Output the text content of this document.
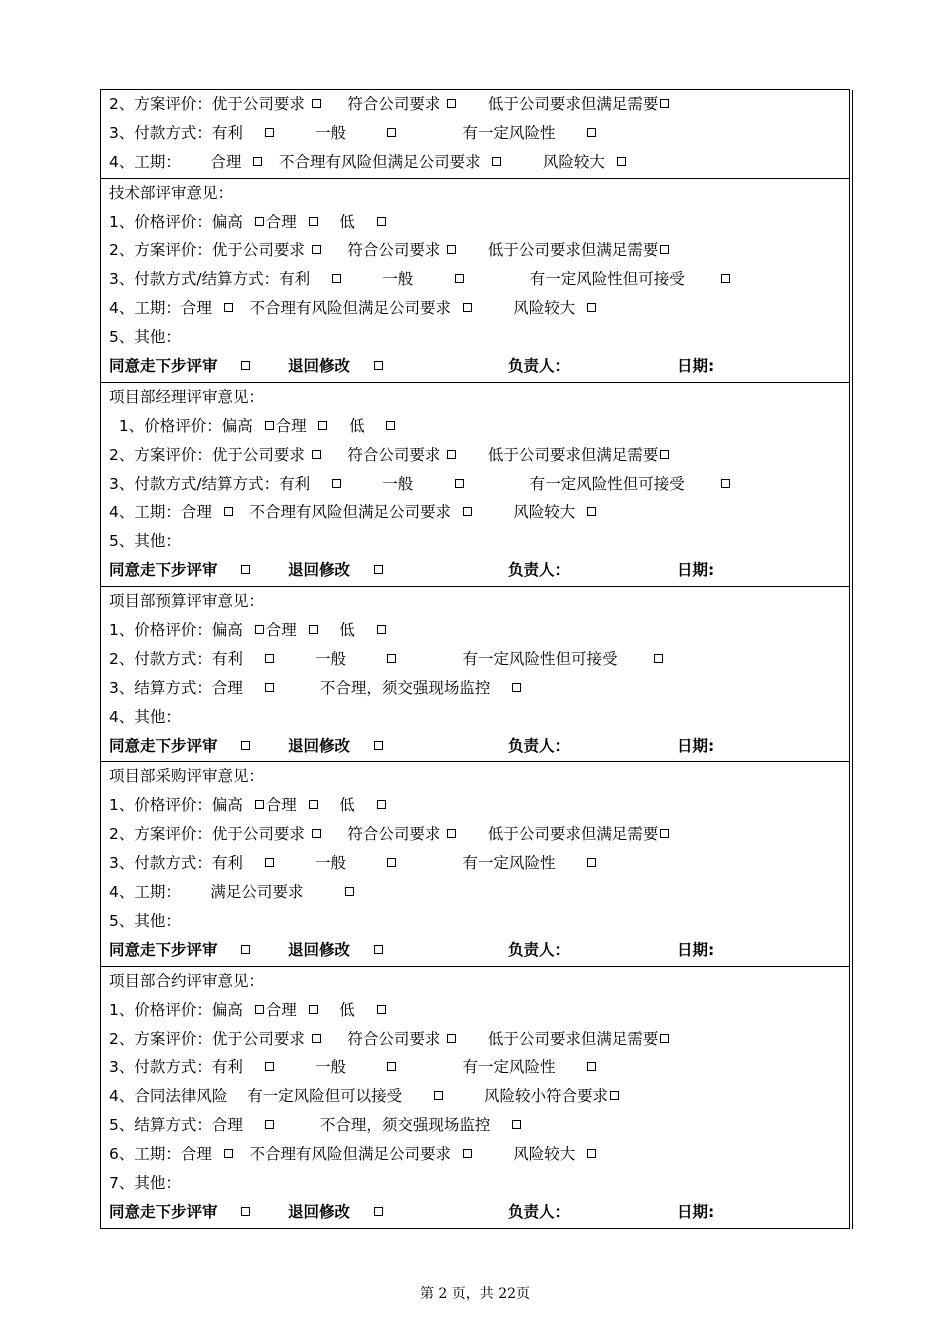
2、方案评价：优于公司要求      符合公司要求       低于公司要求但满足需要
3、付款方式：有利            一般                     有一定风险性
4、工期：      合理     不合理有风险但满足公司要求          风险较大
技术部评审意见：
1、价格评价：偏高  合理      低
2、方案评价：优于公司要求      符合公司要求       低于公司要求但满足需要
3、付款方式/结算方式：有利            一般                     有一定风险性但可接受
4、工期：合理     不合理有风险但满足公司要求          风险较大
5、其他：
同意走下步评审	退回修改	负责人：	日期:
项目部经理评审意见：
1、价格评价：偏高  合理      低
2、方案评价：优于公司要求      符合公司要求       低于公司要求但满足需要
3、付款方式/结算方式：有利            一般                     有一定风险性但可接受
4、工期：合理     不合理有风险但满足公司要求          风险较大
5、其他：
同意走下步评审	退回修改	负责人：	日期:
项目部预算评审意见：
1、价格评价：偏高  合理      低
2、付款方式：有利            一般                     有一定风险性但可接受
3、结算方式：合理             不合理，须交强现场监控
4、其他：
同意走下步评审	退回修改	负责人：	日期:
项目部采购评审意见：
1、价格评价：偏高  合理      低
2、方案评价：优于公司要求      符合公司要求       低于公司要求但满足需要
3、付款方式：有利            一般                     有一定风险性
4、工期：      满足公司要求
5、其他：
同意走下步评审	退回修改	负责人：	日期:
项目部合约评审意见：
1、价格评价：偏高  合理      低
2、方案评价：优于公司要求      符合公司要求       低于公司要求但满足需要
3、付款方式：有利            一般                     有一定风险性
4、合同法律风险    有一定风险但可以接受              风险较小符合要求
5、结算方式：合理             不合理，须交强现场监控
6、工期：合理     不合理有风险但满足公司要求          风险较大
7、其他：
同意走下步评审	退回修改	负责人：	日期:
第 2 页，共 22页
